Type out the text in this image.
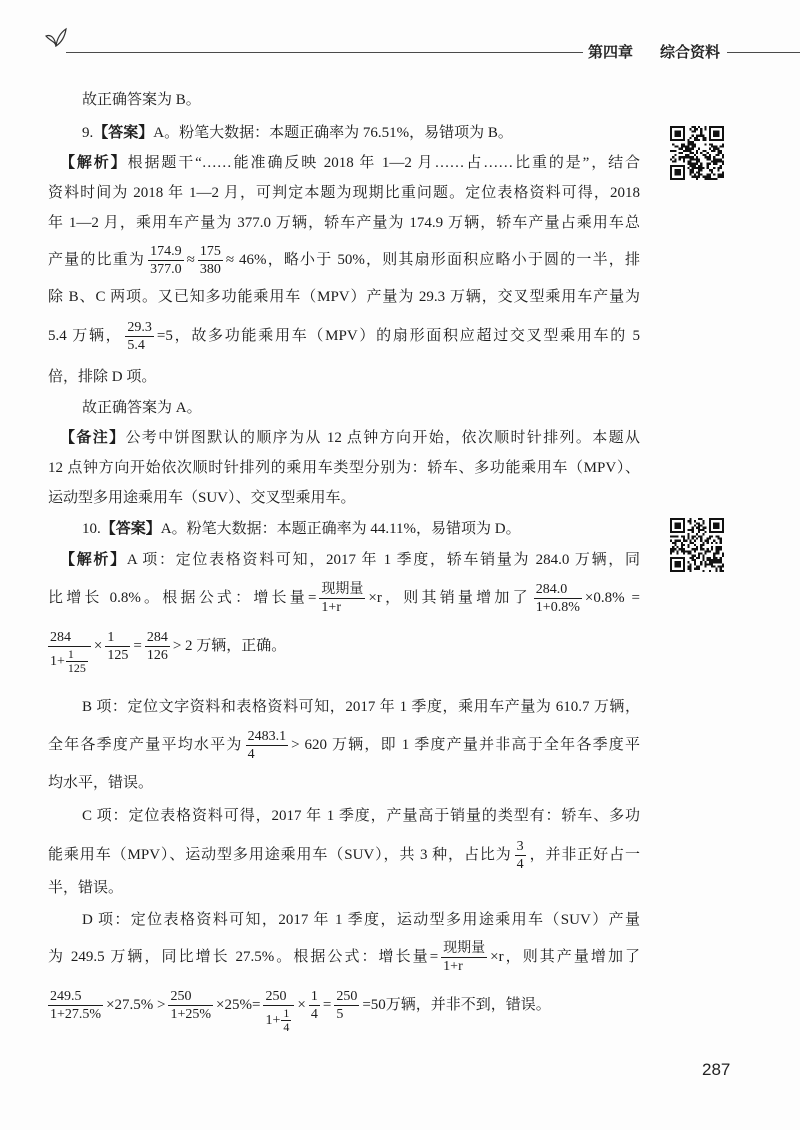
第四章 综合资料
故正确答案为 B。
9.【答案】A。粉笔大数据：本题正确率为 76.51%，易错项为 B。
【解析】根据题干“……能准确反映 2018 年 1—2 月……占……比重的是”，结合
资料时间为 2018 年 1—2 月，可判定本题为现期比重问题。定位表格资料可得，2018
年 1—2 月，乘用车产量为 377.0 万辆，轿车产量为 174.9 万辆，轿车产量占乘用车总
产量的比重为 $\frac{174.9}{377.0} \approx \frac{175}{380} \approx 46\%$，略小于 50%，则其扇形面积应略小于圆的一半，排
除 B、C 两项。又已知多功能乘用车（MPV）产量为 29.3 万辆，交叉型乘用车产量为
5.4 万辆， $\frac{29.3}{5.4} =5$，故多功能乘用车（MPV）的扇形面积应超过交叉型乘用车的 5
倍，排除 D 项。
故正确答案为 A。
【备注】公考中饼图默认的顺序为从 12 点钟方向开始，依次顺时针排列。本题从
12 点钟方向开始依次顺时针排列的乘用车类型分别为：轿车、多功能乘用车（MPV）、
运动型多用途乘用车（SUV）、交叉型乘用车。
10.【答案】A。粉笔大数据：本题正确率为 44.11%，易错项为 D。
【解析】A 项：定位表格资料可知，2017 年 1 季度，轿车销量为 284.0 万辆，同
比增长 0.8%。根据公式：增长量= $\frac{\text{现期量}}{1+r} \times r$，则其销量增加了 $\frac{284.0}{1+0.8\%} \times 0.8\%$ =
$\frac{284}{1+ \frac{1}{125}} \times \frac{1}{125} = \frac{284}{126} > 2$ 万辆，正确。
B 项：定位文字资料和表格资料可知，2017 年 1 季度，乘用车产量为 610.7 万辆，
全年各季度产量平均水平为 $\frac{2483.1}{4} > 620$ 万辆，即 1 季度产量并非高于全年各季度平
均水平，错误。
C 项：定位表格资料可得，2017 年 1 季度，产量高于销量的类型有：轿车、多功
能乘用车（MPV）、运动型多用途乘用车（SUV），共 3 种，占比为 $\frac{3}{4}$ ，并非正好占一
半，错误。
D 项：定位表格资料可知，2017 年 1 季度，运动型多用途乘用车（SUV）产量
为 249.5 万辆，同比增长 27.5%。根据公式：增长量= $\frac{\text{现期量}}{1+r} \times r$，则其产量增加了
$\frac{249.5}{1+27.5\%} \times 27.5\% > \frac{250}{1+25\%} \times 25\%= \frac{250}{1+ \frac{1}{4}} \times \frac{1}{4} = \frac{250}{5} =50$万辆，并非不到，错误。
287
